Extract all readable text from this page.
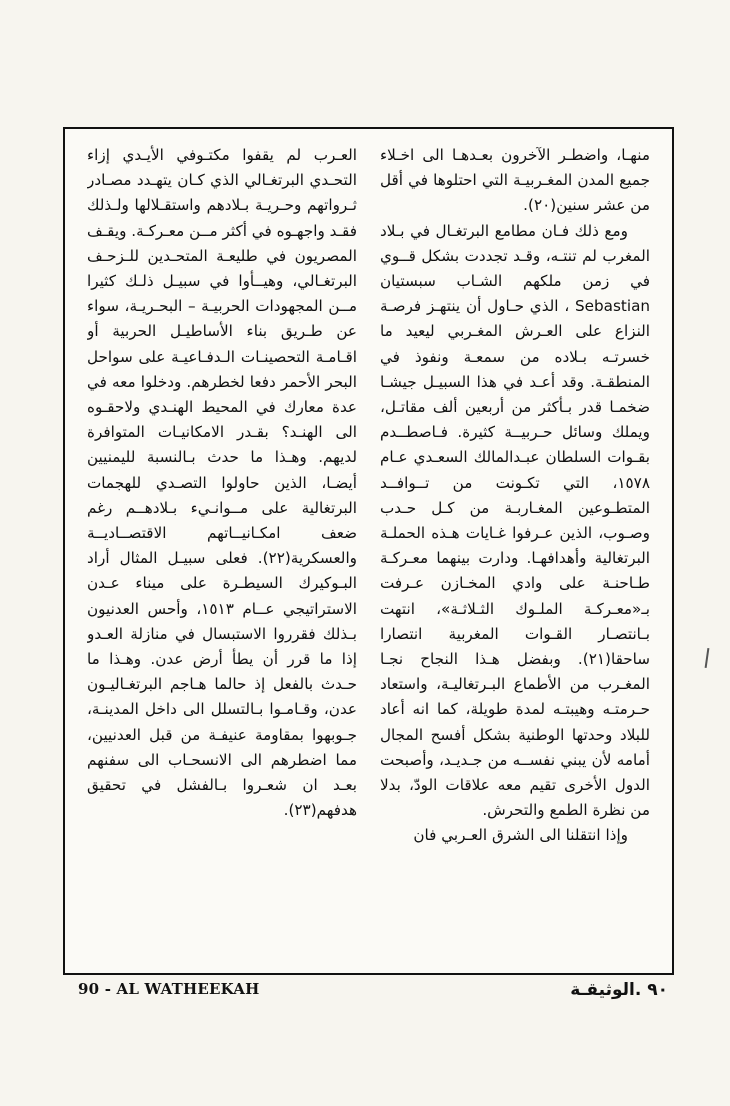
منهـا، واضطـر الآخرون بعـدهـا الى اخـلاء جميع المدن المغـربيـة التي احتلوها في أقل من عشر سنين(٢٠).

ومع ذلك فـان مطامع البرتغـال في بـلاد المغرب لم تنتـه، وقـد تجددت بشكل قــوي في زمن ملكهم الشـاب سبستيان Sebastian ، الذي حـاول أن ينتهـز فرصـة النزاع على العـرش المغـربي ليعيد ما خسرتـه بـلاده من سمعـة ونفوذ في المنطقـة. وقد أعـد في هذا السبيـل جيشـا ضخمـا قدر بـأكثر من أربعين ألف مقاتـل، ويملك وسائل حـربيــة كثيرة. فـاصطــدم بقـوات السلطان عبـدالمالك السعـدي عـام ١٥٧٨، التي تكـونت من تــوافــد المتطـوعين المغـاربـة من كـل حـدب وصـوب، الذين عـرفوا غـايات هـذه الحملـة البرتغالية وأهدافهـا. ودارت بينهما معـركـة طـاحنـة على وادي المخـازن عـرفت بـ«معـركـة الملـوك الثـلاثـة»، انتهت بـانتصـار القـوات المغربية انتصارا ساحقا(٢١). وبفضل هـذا النجاح نجـا المغـرب من الأطماع البـرتغاليـة، واستعاد حـرمتـه وهيبتـه لمدة طويلة، كما انه أعاد للبلاد وحدتها الوطنية بشكل أفسح المجال أمامه لأن يبني نفســه من جـديـد، وأصبحت الدول الأخرى تقيم معه علاقات الودّ، بدلا من نظرة الطمع والتحرش.

وإذا انتقلنا الى الشرق العـربي فان

العـرب لم يقفوا مكتـوفي الأيـدي إزاء التحـدي البرتغـالي الذي كـان يتهـدد مصـادر ثـرواتهم وحـريـة بـلادهم واستقـلالها ولـذلك فقـد واجهـوه في أكثر مــن معـركـة. ويقـف المصريون في طليعـة المتحـدين للـزحـف البرتغـالي، وهيــأوا في سبيـل ذلـك كثيرا مــن المجهودات الحربيـة – البحـريـة، سواء عن طـريق بناء الأساطيـل الحربية أو اقـامـة التحصينـات الـدفـاعيـة على سواحل البحر الأحمر دفعا لخطرهم. ودخلوا معه في عدة معارك في المحيط الهنـدي ولاحقـوه الى الهنـد؟ بقـدر الامكانيـات المتوافرة لديهم. وهـذا ما حدث بـالنسبة لليمنيين أيضـا، الذين حاولوا التصـدي للهجمات البرتغالية على مــوانـيء بـلادهــم رغم ضعف امكـانيــاتهم الاقتصــاديــة والعسكرية(٢٢). فعلى سبيـل المثال أراد البـوكيرك السيطـرة على ميناء عـدن الاستراتيجي عــام ١٥١٣، وأحس العدنيون بـذلك فقرروا الاستبسال في منازلة العـدو إذا ما قرر أن يطأ أرض عدن. وهـذا ما حـدث بالفعل إذ حالما هـاجم البرتغـاليـون عدن، وقـامـوا بـالتسلل الى داخل المدينـة، جـوبهوا بمقاومة عنيفـة من قبل العدنيين، مما اضطرهم الى الانسحـاب الى سفنهم بعـد ان شعـروا بـالفشل في تحقيق هدفهم(٢٣).

90 - AL WATHEEKAH	٩٠ .الوثيقـة
